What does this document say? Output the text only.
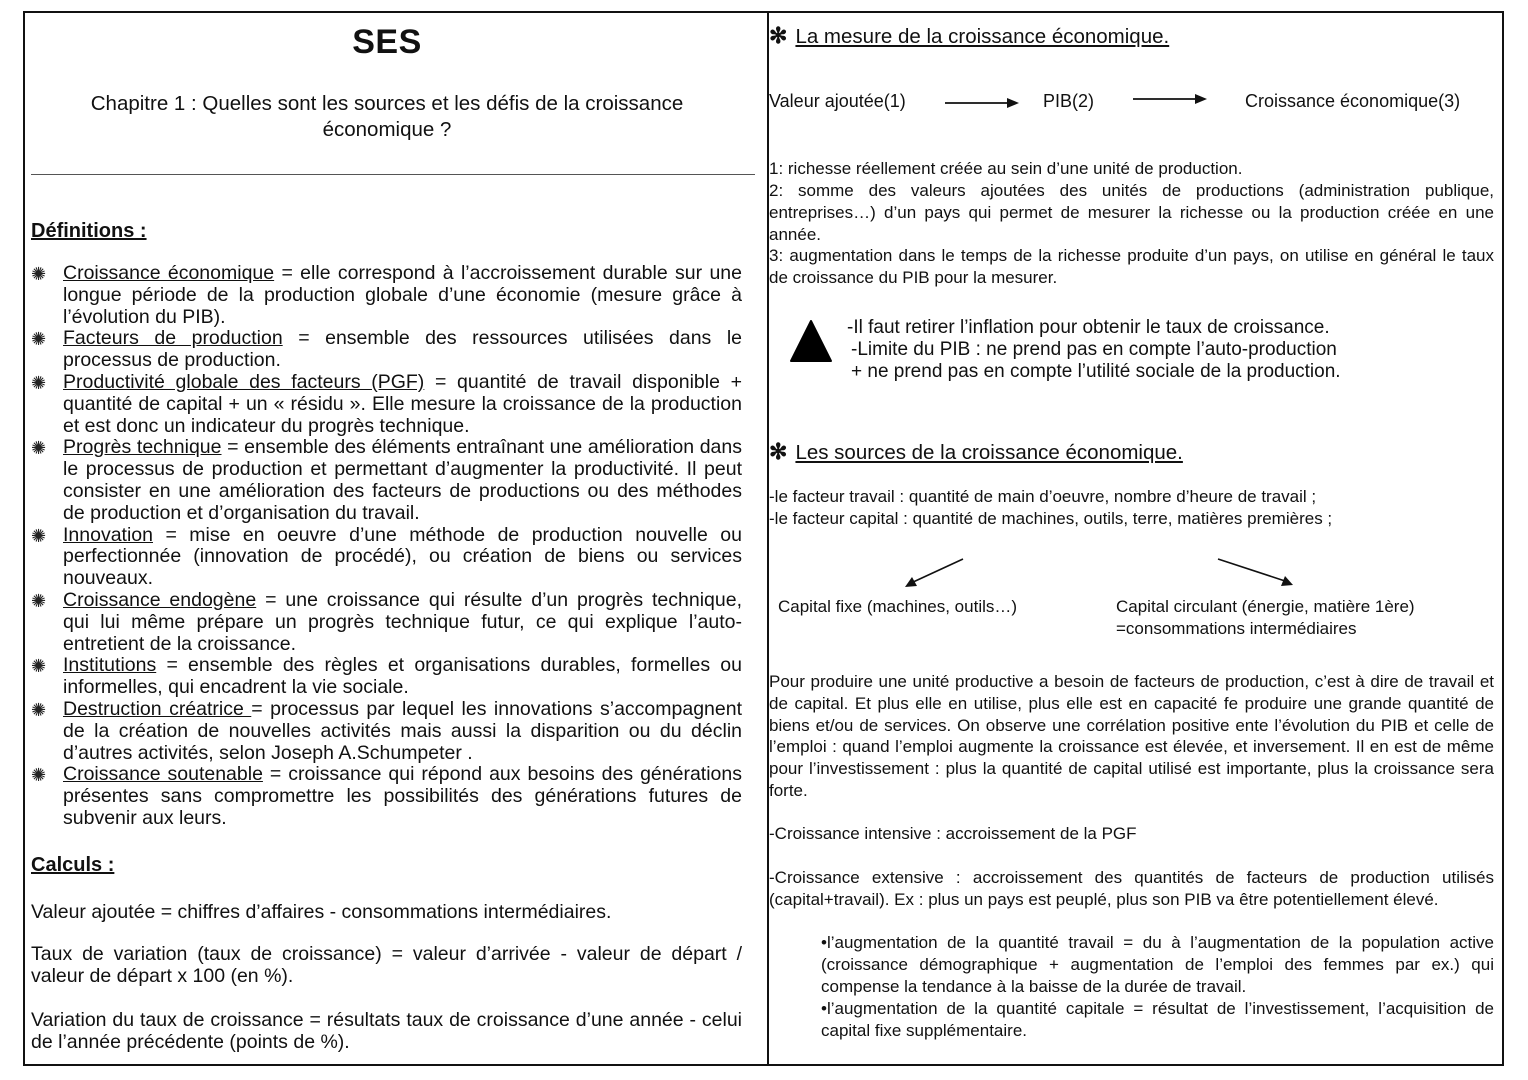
SES
Chapitre 1 : Quelles sont les sources et les défis de la croissance
économique ?
Définitions :
✺ Croissance économique = elle correspond à l’accroissement durable sur une longue période de la production globale d’une économie (mesure grâce à l’évolution du PIB).
✺ Facteurs de production = ensemble des ressources utilisées dans le processus de production.
✺ Productivité globale des facteurs (PGF) = quantité de travail disponible + quantité de capital + un « résidu ». Elle mesure la croissance de la production et est donc un indicateur du progrès technique.
✺ Progrès technique = ensemble des éléments entraînant une amélioration dans le processus de production et permettant d’augmenter la productivité. Il peut consister en une amélioration des facteurs de productions ou des méthodes de production et d’organisation du travail.
✺ Innovation = mise en oeuvre d’une méthode de production nouvelle ou perfectionnée (innovation de procédé), ou création de biens ou services nouveaux.
✺ Croissance endogène = une croissance qui résulte d’un progrès technique, qui lui même prépare un progrès technique futur, ce qui explique l’auto-entretient de la croissance.
✺ Institutions = ensemble des règles et organisations durables, formelles ou informelles, qui encadrent la vie sociale.
✺ Destruction créatrice = processus par lequel les innovations s’accompagnent de la création de nouvelles activités mais aussi la disparition ou du déclin d’autres activités, selon Joseph A.Schumpeter .
✺ Croissance soutenable = croissance qui répond aux besoins des générations présentes sans compromettre les possibilités des générations futures de subvenir aux leurs.
Calculs :
Valeur ajoutée = chiffres d’affaires - consommations intermédiaires.
Taux de variation (taux de croissance) = valeur d’arrivée - valeur de départ / valeur de départ x 100 (en %).
Variation du taux de croissance = résultats taux de croissance d’une année - celui de l’année précédente (points de %).
✻ La mesure de la croissance économique.
Valeur ajoutée(1)	PIB(2)	Croissance économique(3)
1: richesse réellement créée au sein d’une unité de production.
2: somme des valeurs ajoutées des unités de productions (administration publique, entreprises…) d’un pays qui permet de mesurer la richesse ou la production créée en une année.
3: augmentation dans le temps de la richesse produite d’un pays, on utilise en général le taux de croissance du PIB pour la mesurer.
-Il faut retirer l’inflation pour obtenir le taux de croissance.
-Limite du PIB : ne prend pas en compte l’auto-production
+ ne prend pas en compte l’utilité sociale de la production.
✻ Les sources de la croissance économique.
-le facteur travail : quantité de main d’oeuvre, nombre d’heure de travail ;
-le facteur capital : quantité de machines, outils, terre, matières premières ;
Capital fixe (machines, outils…)	Capital circulant (énergie, matière 1ère)
=consommations intermédiaires
Pour produire une unité productive a besoin de facteurs de production, c’est à dire de travail et de capital. Et plus elle en utilise, plus elle est en capacité fe produire une grande quantité de biens et/ou de services. On observe une corrélation positive ente l’évolution du PIB et celle de l’emploi : quand l’emploi augmente la croissance est élevée, et inversement. Il en est de même pour l’investissement : plus la quantité de capital utilisé est importante, plus la croissance sera forte.
-Croissance intensive : accroissement de la PGF
-Croissance extensive : accroissement des quantités de facteurs de production utilisés (capital+travail). Ex : plus un pays est peuplé, plus son PIB va être potentiellement élevé.
•l’augmentation de la quantité travail = du à l’augmentation de la population active (croissance démographique + augmentation de l’emploi des femmes par ex.) qui compense la tendance à la baisse de la durée de travail.
•l’augmentation de la quantité capitale = résultat de l’investissement, l’acquisition de capital fixe supplémentaire.
